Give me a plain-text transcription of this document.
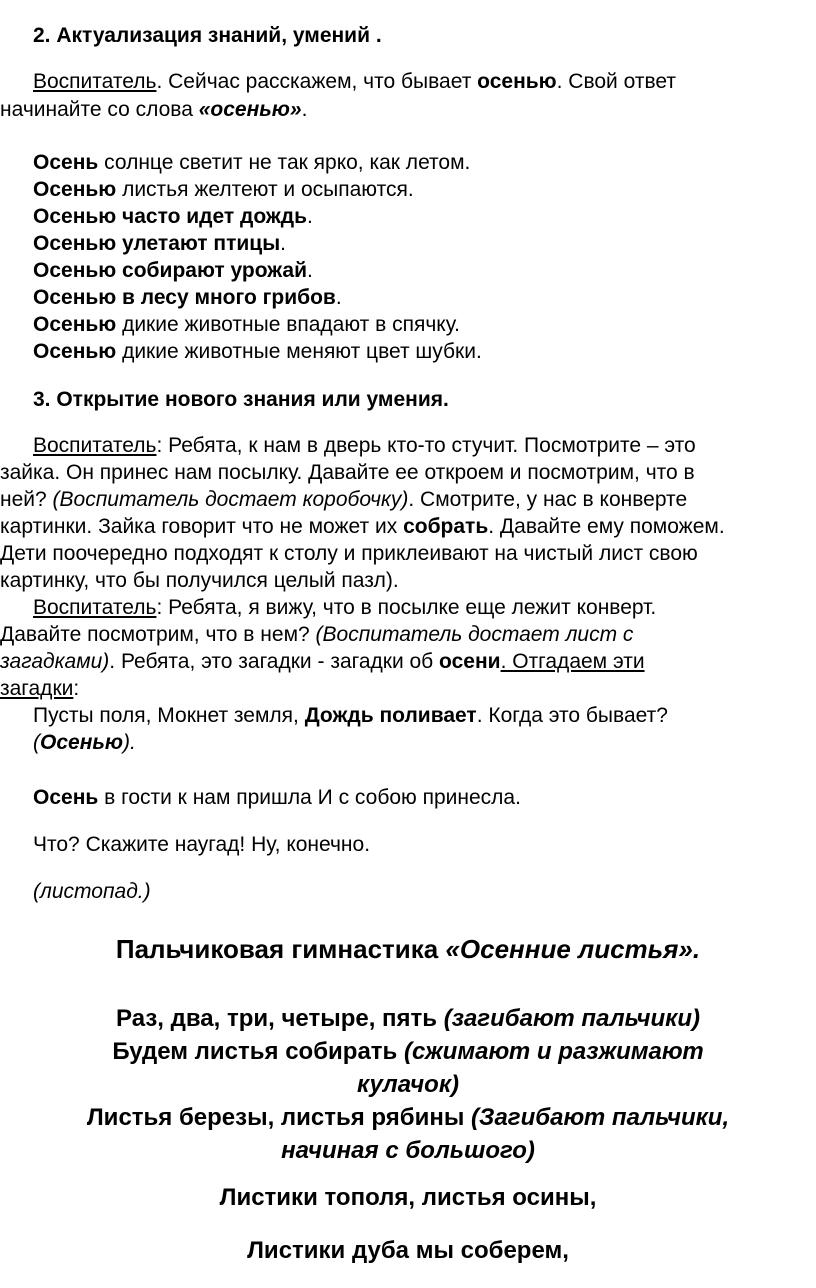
2. Актуализация знаний, умений .
Воспитатель. Сейчас расскажем, что бывает осенью. Свой ответ
начинайте со слова «осенью».
Осень солнце светит не так ярко, как летом.
Осенью листья желтеют и осыпаются.
Осенью часто идет дождь.
Осенью улетают птицы.
Осенью собирают урожай.
Осенью в лесу много грибов.
Осенью дикие животные впадают в спячку.
Осенью дикие животные меняют цвет шубки.
3. Открытие нового знания или умения.
Воспитатель: Ребята, к нам в дверь кто-то стучит. Посмотрите – это
зайка. Он принес нам посылку. Давайте ее откроем и посмотрим, что в
ней? (Воспитатель достает коробочку). Смотрите, у нас в конверте
картинки. Зайка говорит что не может их собрать. Давайте ему поможем.
Дети поочередно подходят к столу и приклеивают на чистый лист свою
картинку, что бы получился целый пазл).
Воспитатель: Ребята, я вижу, что в посылке еще лежит конверт.
Давайте посмотрим, что в нем? (Воспитатель достает лист с
загадками). Ребята, это загадки - загадки об осени. Отгадаем эти
загадки:
Пусты поля, Мокнет земля, Дождь поливает. Когда это бывает?
(Осенью).
Осень в гости к нам пришла И с собою принесла.
Что? Скажите наугад! Ну, конечно.
(листопад.)
Пальчиковая гимнастика «Осенние листья».
Раз, два, три, четыре, пять (загибают пальчики)
Будем листья собирать (сжимают и разжимают
кулачок)
Листья березы, листья рябины (Загибают пальчики,
начиная с большого)
Листики тополя, листья осины,
Листики дуба мы соберем,
